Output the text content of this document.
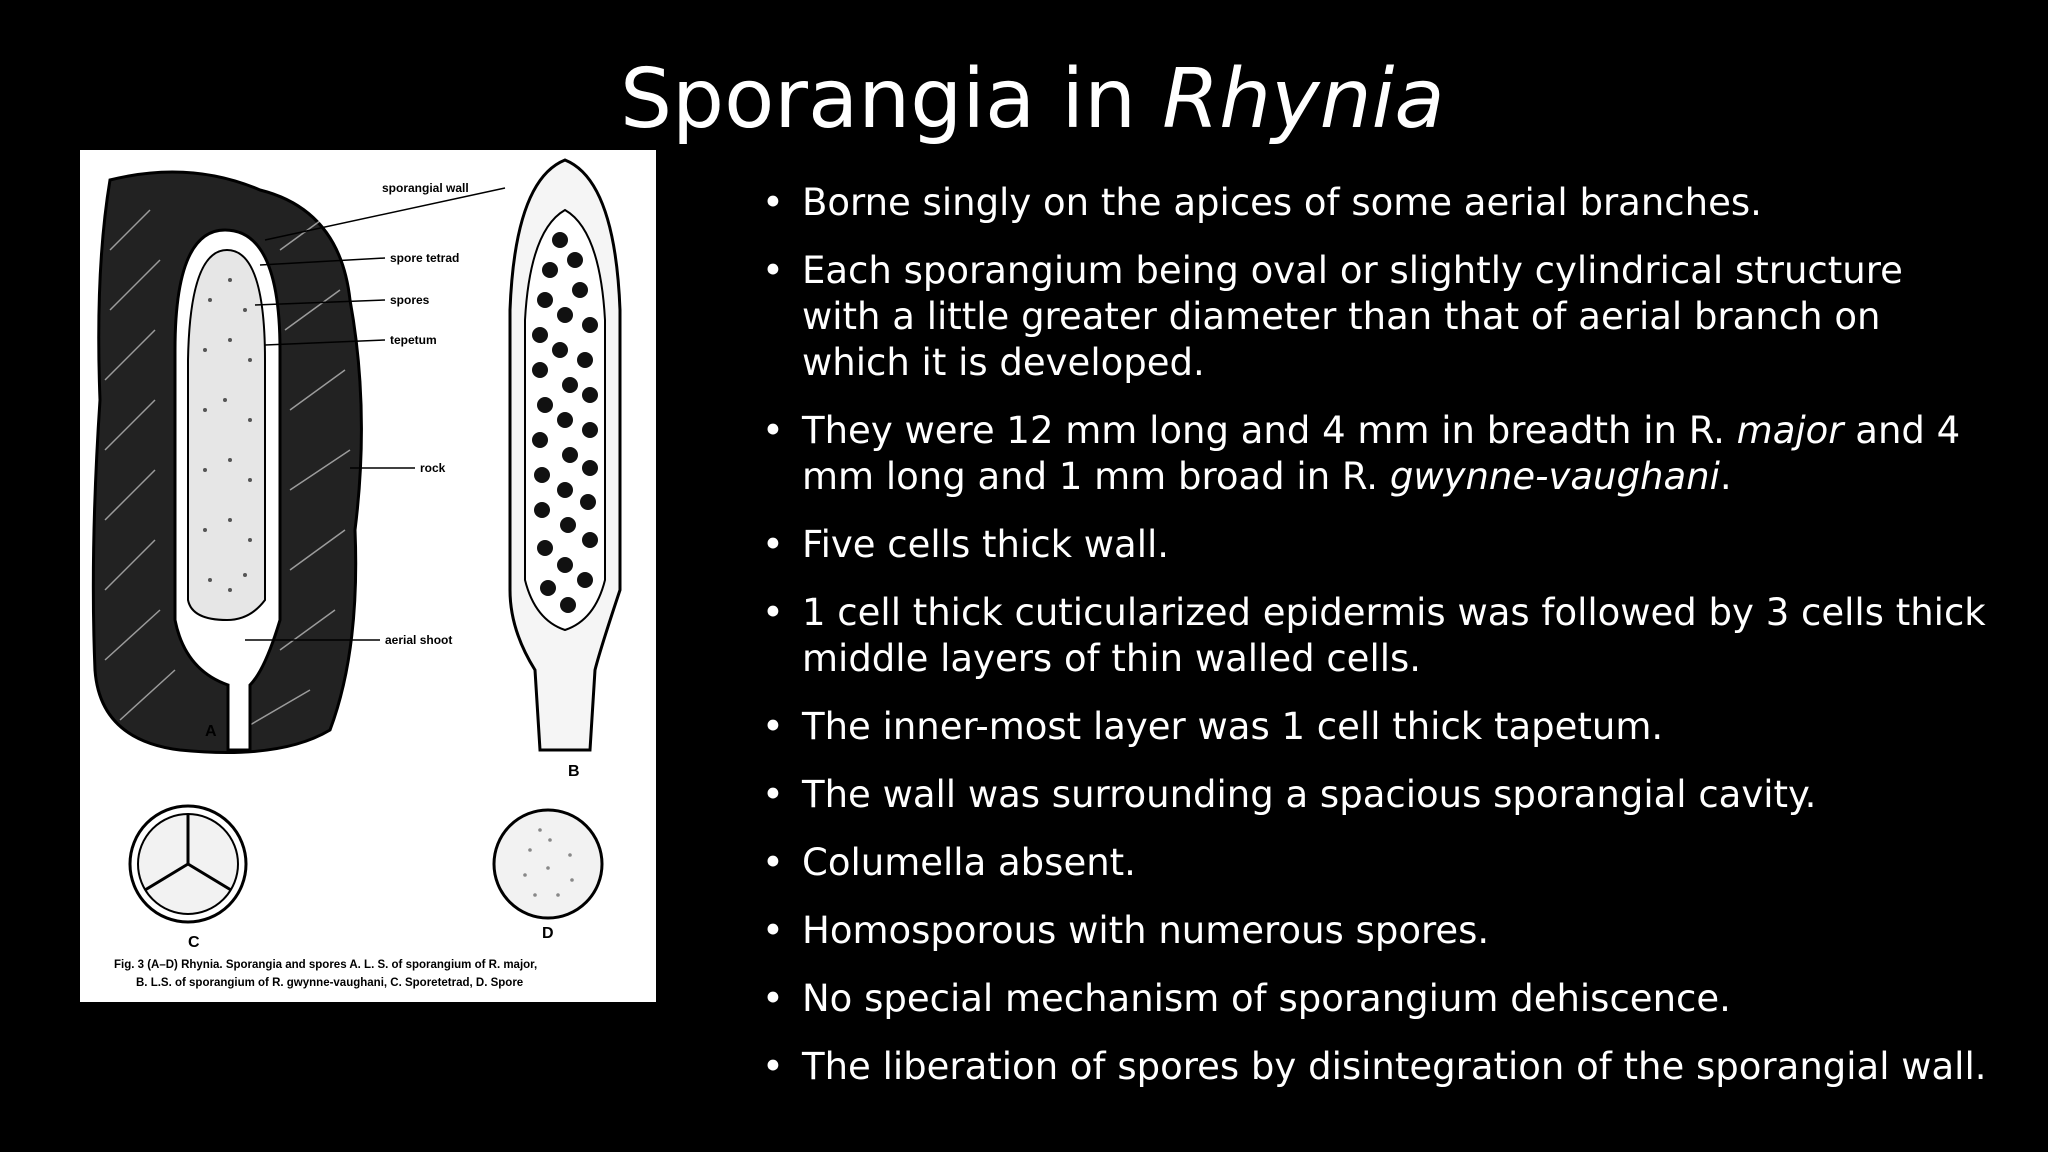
Sporangia in Rhynia
sporangial wall
spore tetrad
spores
tepetum
rock
aerial shoot
A
B
C
D
Fig. 3 (A–D) Rhynia. Sporangia and spores A. L. S. of sporangium of R. major,
B. L.S. of sporangium of R. gwynne-vaughani, C. Sporetetrad, D. Spore
• Borne singly on the apices of some aerial branches.
• Each sporangium being oval or slightly cylindrical structure with a little greater diameter than that of aerial branch on which it is developed.
• They were 12 mm long and 4 mm in breadth in R. major and 4 mm long and 1 mm broad in R. gwynne-vaughani.
• Five cells thick wall.
• 1 cell thick cuticularized epidermis was followed by 3 cells thick middle layers of thin walled cells.
• The inner-most layer was 1 cell thick tapetum.
• The wall was surrounding a spacious sporangial cavity.
• Columella absent.
• Homosporous with numerous spores.
• No special mechanism of sporangium dehiscence.
• The liberation of spores by disintegration of the sporangial wall.
